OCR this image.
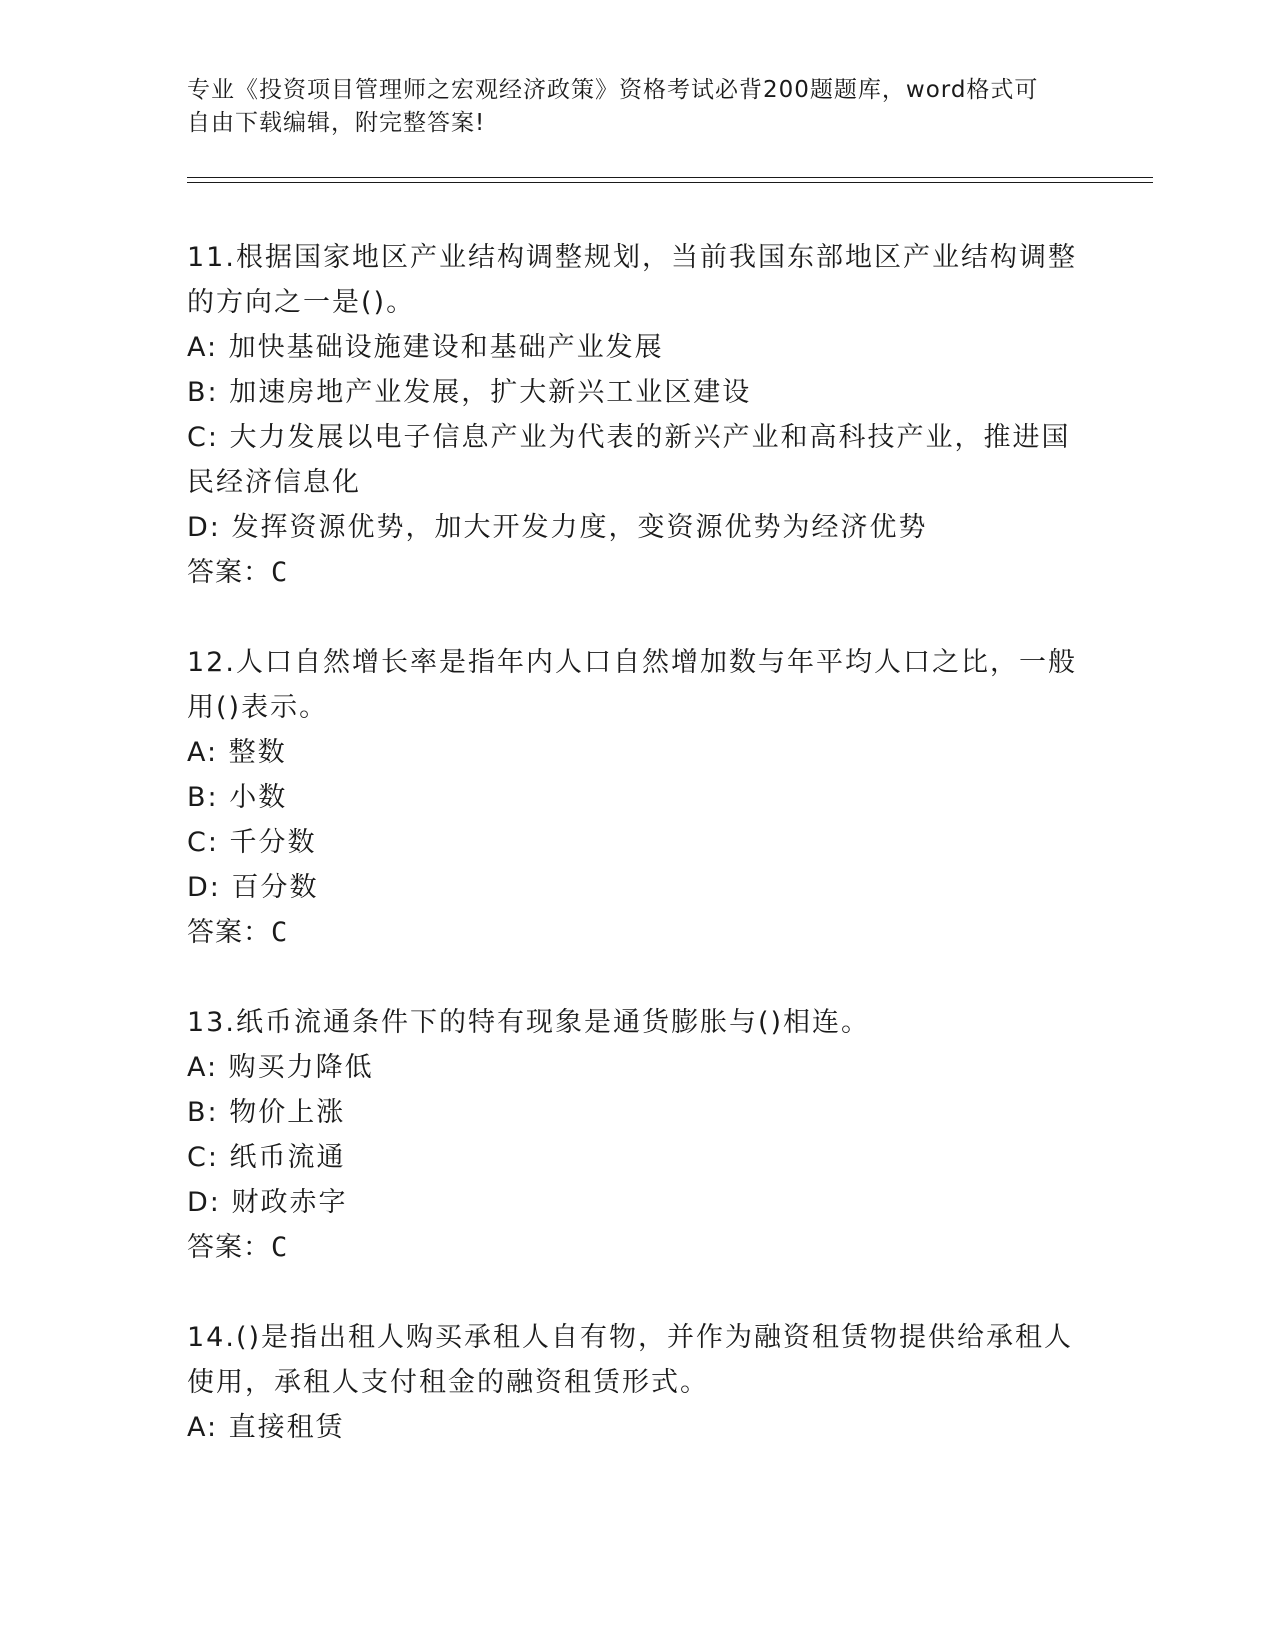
专业《投资项目管理师之宏观经济政策》资格考试必背200题题库，word格式可
自由下载编辑，附完整答案!

11.根据国家地区产业结构调整规划，当前我国东部地区产业结构调整

的方向之一是()。

A: 加快基础设施建设和基础产业发展

B: 加速房地产业发展，扩大新兴工业区建设

C: 大力发展以电子信息产业为代表的新兴产业和高科技产业，推进国

民经济信息化

D: 发挥资源优势，加大开发力度，变资源优势为经济优势

答案：C

12.人口自然增长率是指年内人口自然增加数与年平均人口之比，一般

用()表示。

A: 整数

B: 小数

C: 千分数

D: 百分数

答案：C

13.纸币流通条件下的特有现象是通货膨胀与()相连。

A: 购买力降低

B: 物价上涨

C: 纸币流通

D: 财政赤字

答案：C

14.()是指出租人购买承租人自有物，并作为融资租赁物提供给承租人

使用，承租人支付租金的融资租赁形式。

A: 直接租赁
